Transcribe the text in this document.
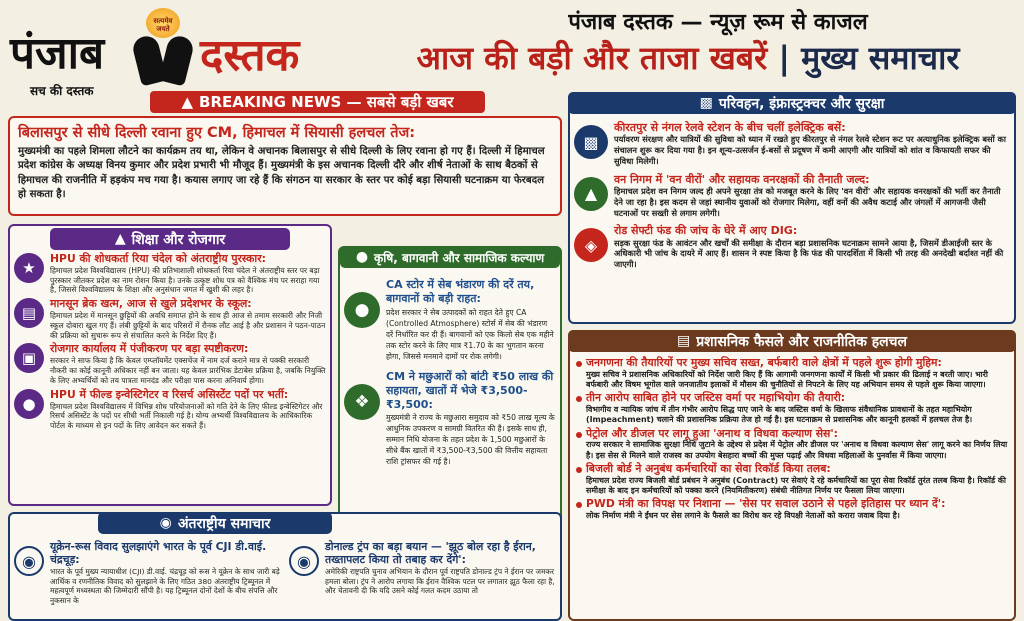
पंजाब
सच की दस्तक
सत्यमेव जयते
दस्तक
पंजाब दस्तक — न्यूज़ रूम से काजल
आज की बड़ी और ताजा खबरें | मुख्य समाचार
▲ BREAKING NEWS — सबसे बड़ी खबर
बिलासपुर से सीधे दिल्ली रवाना हुए CM, हिमाचल में सियासी हलचल तेज:

मुख्यमंत्री का पहले शिमला लौटने का कार्यक्रम तय था, लेकिन वे अचानक बिलासपुर से सीधे दिल्ली के लिए रवाना हो गए हैं। दिल्ली में हिमाचल प्रदेश कांग्रेस के अध्यक्ष विनय कुमार और प्रदेश प्रभारी भी मौजूद हैं। मुख्यमंत्री के इस अचानक दिल्ली दौरे और शीर्ष नेताओं के साथ बैठकों से हिमाचल की राजनीति में हड़कंप मच गया है। कयास लगाए जा रहे हैं कि संगठन या सरकार के स्तर पर कोई बड़ा सियासी घटनाक्रम या फेरबदल हो सकता है।

▲ शिक्षा और रोजगार
★
HPU की शोधकर्ता रिया चंदेल को अंतराष्ट्रीय पुरस्कार:

हिमाचल प्रदेश विश्वविद्यालय (HPU) की प्रतिभाशाली शोधकर्ता रिया चंदेल ने अंतराष्ट्रीय स्तर पर बड़ा पुरस्कार जीतकर प्रदेश का नाम रोशन किया है। उनके उत्कृष्ट शोध पत्र को वैश्विक मंच पर सराहा गया है, जिससे विश्वविद्यालय के शिक्षा और अनुसंधान जगत में खुशी की लहर है।

▤
मानसून ब्रेक खत्म, आज से खुले प्रदेशभर के स्कूल:

हिमाचल प्रदेश में मानसून छुट्टियों की अवधि समाप्त होने के साथ ही आज से तमाम सरकारी और निजी स्कूल दोबारा खुल गए हैं। लंबी छुट्टियों के बाद परिसरों में रौनक लौट आई है और प्रशासन ने पठन-पाठन की प्रक्रिया को सुचारू रूप से संचालित करने के निर्देश दिए हैं।

▣
रोजगार कार्यालय में पंजीकरण पर बड़ा स्पष्टीकरण:

सरकार ने साफ किया है कि केवल एम्प्लॉयमेंट एक्सचेंज में नाम दर्ज कराने मात्र से पक्की सरकारी नौकरी का कोई कानूनी अधिकार नहीं बन जाता। यह केवल प्रारंभिक डेटाबेस प्रक्रिया है, जबकि नियुक्ति के लिए अभ्यर्थियों को तय पात्रता मानदंड और परीक्षा पास करना अनिवार्य होगा।

●
HPU में फील्ड इन्वेस्टिगेटर व रिसर्च असिस्टेंट पदों पर भर्ती:

हिमाचल प्रदेश विश्वविद्यालय में विभिन्न शोध परियोजनाओं को गति देने के लिए फील्ड इन्वेस्टिगेटर और रिसर्च असिस्टेंट के पदों पर सीधी भर्ती निकाली गई है। योग्य अभ्यर्थी विश्वविद्यालय के आधिकारिक पोर्टल के माध्यम से इन पदों के लिए आवेदन कर सकते हैं।

●
CA स्टोर में सेब भंडारण की दरें तय, बागवानों को बड़ी राहत:

प्रदेश सरकार ने सेब उत्पादकों को राहत देते हुए CA (Controlled Atmosphere) स्टोर्स में सेब की भंडारण दरें निर्धारित कर दी हैं। बागवानों को एक किलो सेब एक महीने तक स्टोर करने के लिए मात्र ₹1.70 के का भुगतान करना होगा, जिससे मनमाने दामों पर रोक लगेगी।

❖
CM ने मछुआरों को बांटी ₹50 लाख की सहायता, खातों में भेजे ₹3,500-₹3,500:

मुख्यमंत्री ने राज्य के मछुआरा समुदाय को ₹50 लाख मूल्य के आधुनिक उपकरण व सामग्री वितरित की है। इसके साथ ही, सम्मान निधि योजना के तहत प्रदेश के 1,500 मछुआरों के सीधे बैंक खातों में ₹3,500-₹3,500 की वित्तीय सहायता राशि ट्रांसफर की गई है।

● कृषि, बागवानी और सामाजिक कल्याण
◉
यूक्रेन-रूस विवाद सुलझाएंगे भारत के पूर्व CJI डी.वाई. चंद्रचूड़:

भारत के पूर्व मुख्य न्यायाधीश (CJI) डी.वाई. चंद्रचूड़ को रूस ने यूक्रेन के साथ जारी बड़े आर्थिक व रणनीतिक विवाद को सुलझाने के लिए गठित 380 अंतराष्ट्रीय ट्रिब्यूनल में महत्वपूर्ण मध्यस्थता की जिम्मेदारी सौंपी है। यह ट्रिब्यूनल दोनों देशों के बीच संपत्ति और नुकसान के

◉
डोनाल्ड ट्रंप का बड़ा बयान — 'झूठ बोल रहा है ईरान, तख्तापलट किया तो तबाह कर देंगे':

अमेरिकी राष्ट्रपति चुनाव अभियान के दौरान पूर्व राष्ट्रपति डोनाल्ड ट्रंप ने ईरान पर जमकर हमला बोला। ट्रंप ने आरोप लगाया कि ईरान वैश्विक पटल पर लगातार झूठ फैला रहा है, और चेतावनी दी कि यदि उसने कोई गलत कदम उठाया तो

◉ अंतराष्ट्रीय समाचार
▩
कीरतपुर से नंगल रेलवे स्टेशन के बीच चलीं इलेक्ट्रिक बसें:

पर्यावरण संरक्षण और यात्रियों की सुविधा को ध्यान में रखते हुए कीरतपुर से नंगल रेलवे स्टेशन रूट पर अत्याधुनिक इलेक्ट्रिक बसों का संचालन शुरू कर दिया गया है। इन शून्य-उत्सर्जन ई-बसों से प्रदूषण में कमी आएगी और यात्रियों को शांत व किफायती सफर की सुविधा मिलेगी।

▲
वन निगम में 'वन वीरों' और सहायक वनरक्षकों की तैनाती जल्द:

हिमाचल प्रदेश वन निगम जल्द ही अपने सुरक्षा तंत्र को मजबूत करने के लिए 'वन वीरों' और सहायक वनरक्षकों की भर्ती कर तैनाती देने जा रहा है। इस कदम से जहां स्थानीय युवाओं को रोजगार मिलेगा, वहीं वनों की अवैध कटाई और जंगलों में आगजनी जैसी घटनाओं पर सख्ती से लगाम लगेगी।

◈
रोड सेफ्टी फंड की जांच के घेरे में आए DIG:

सड़क सुरक्षा फंड के आवंटन और खर्चों की समीक्षा के दौरान बड़ा प्रशासनिक घटनाक्रम सामने आया है, जिसमें डीआईजी स्तर के अधिकारी भी जांच के दायरे में आए हैं। शासन ने स्पष्ट किया है कि फंड की पारदर्शिता में किसी भी तरह की अनदेखी बर्दाश्त नहीं की जाएगी।

▩ परिवहन, इंफ्रास्ट्रक्चर और सुरक्षा
जनगणना की तैयारियों पर मुख्य सचिव सख्त, बर्फबारी वाले क्षेत्रों में पहले शुरू होगी मुहिम:

मुख्य सचिव ने प्रशासनिक अधिकारियों को निर्देश जारी किए हैं कि आगामी जनगणना कार्यों में किसी भी प्रकार की ढिलाई न बरती जाए। भारी बर्फबारी और विषम भूगोल वाले जनजातीय इलाकों में मौसम की चुनौतियों से निपटने के लिए यह अभियान समय से पहले शुरू किया जाएगा।

तीन आरोप साबित होने पर जस्टिस वर्मा पर महाभियोग की तैयारी:

विभागीय व न्यायिक जांच में तीन गंभीर आरोप सिद्ध पाए जाने के बाद जस्टिस वर्मा के खिलाफ संवैधानिक प्रावधानों के तहत महाभियोग (Impeachment) चलाने की प्रशासनिक प्रक्रिया तेज हो गई है। इस घटनाक्रम से प्रशासनिक और कानूनी हलकों में हलचल तेज है।

पेट्रोल और डीजल पर लागू हुआ 'अनाथ व विधवा कल्याण सेस':

राज्य सरकार ने सामाजिक सुरक्षा निधि जुटाने के उद्देश्य से प्रदेश में पेट्रोल और डीजल पर 'अनाथ व विधवा कल्याण सेस' लागू करने का निर्णय लिया है। इस सेस से मिलने वाले राजस्व का उपयोग बेसहारा बच्चों की मुफ्त पढ़ाई और विधवा महिलाओं के पुनर्वास में किया जाएगा।

बिजली बोर्ड ने अनुबंध कर्मचारियों का सेवा रिकॉर्ड किया तलब:

हिमाचल प्रदेश राज्य बिजली बोर्ड प्रबंधन ने अनुबंध (Contract) पर सेवाएं दे रहे कर्मचारियों का पूरा सेवा रिकॉर्ड तुरंत तलब किया है। रिकॉर्ड की समीक्षा के बाद इन कर्मचारियों को पक्का करने (नियमितीकरण) संबंधी नीतिगत निर्णय पर फैसला लिया जाएगा।

PWD मंत्री का विपक्ष पर निशाना — 'सेस पर सवाल उठाने से पहले इतिहास पर ध्यान दें':

लोक निर्माण मंत्री ने ईंधन पर सेस लगाने के फैसले का विरोध कर रहे विपक्षी नेताओं को करारा जवाब दिया है।

▤ प्रशासनिक फैसले और राजनीतिक हलचल
